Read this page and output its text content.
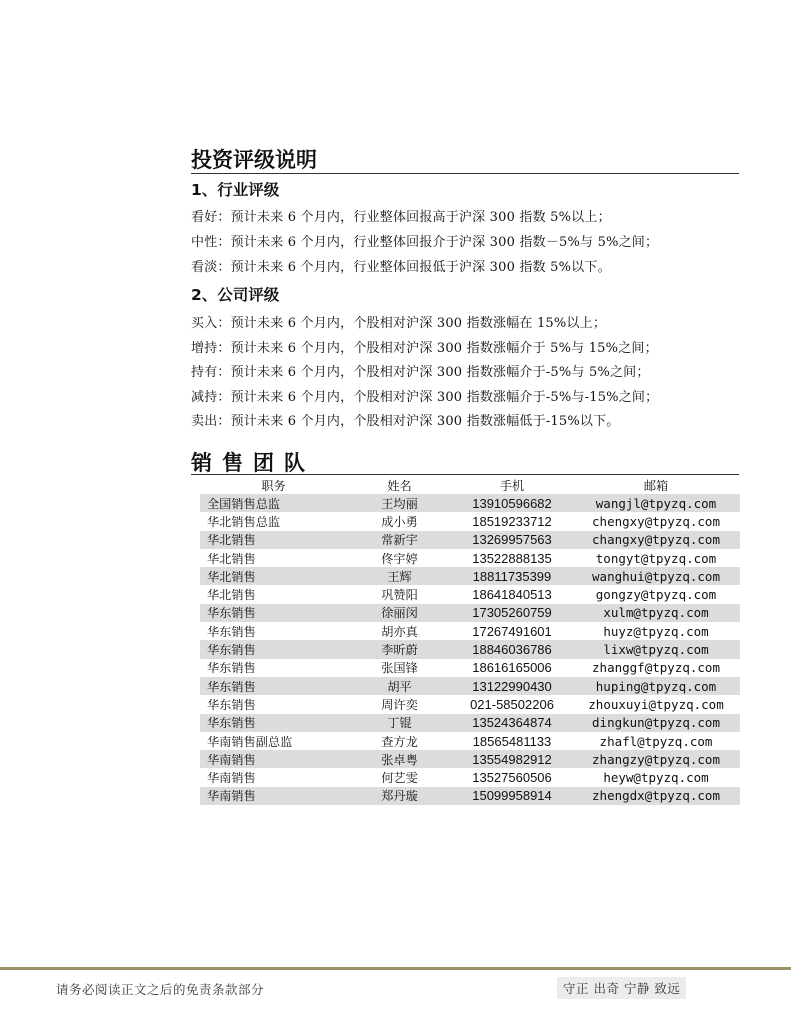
投资评级说明
1、行业评级
看好：预计未来 6 个月内，行业整体回报高于沪深 300 指数 5%以上；
中性：预计未来 6 个月内，行业整体回报介于沪深 300 指数－5%与 5%之间；
看淡：预计未来 6 个月内，行业整体回报低于沪深 300 指数 5%以下。
2、公司评级
买入：预计未来 6 个月内，个股相对沪深 300 指数涨幅在 15%以上；
增持：预计未来 6 个月内，个股相对沪深 300 指数涨幅介于 5%与 15%之间；
持有：预计未来 6 个月内，个股相对沪深 300 指数涨幅介于-5%与 5%之间；
减持：预计未来 6 个月内，个股相对沪深 300 指数涨幅介于-5%与-15%之间；
卖出：预计未来 6 个月内，个股相对沪深 300 指数涨幅低于-15%以下。
销售团队
职务	姓名	手机	邮箱
全国销售总监	王均丽	13910596682	wangjl@tpyzq.com
华北销售总监	成小勇	18519233712	chengxy@tpyzq.com
华北销售	常新宇	13269957563	changxy@tpyzq.com
华北销售	佟宇婷	13522888135	tongyt@tpyzq.com
华北销售	王辉	18811735399	wanghui@tpyzq.com
华北销售	巩赞阳	18641840513	gongzy@tpyzq.com
华东销售	徐丽闵	17305260759	xulm@tpyzq.com
华东销售	胡亦真	17267491601	huyz@tpyzq.com
华东销售	李昕蔚	18846036786	lixw@tpyzq.com
华东销售	张国锋	18616165006	zhanggf@tpyzq.com
华东销售	胡平	13122990430	huping@tpyzq.com
华东销售	周许奕	021-58502206	zhouxuyi@tpyzq.com
华东销售	丁锟	13524364874	dingkun@tpyzq.com
华南销售副总监	查方龙	18565481133	zhafl@tpyzq.com
华南销售	张卓粤	13554982912	zhangzy@tpyzq.com
华南销售	何艺雯	13527560506	heyw@tpyzq.com
华南销售	郑丹璇	15099958914	zhengdx@tpyzq.com
请务必阅读正文之后的免责条款部分	守正 出奇 宁静 致远
